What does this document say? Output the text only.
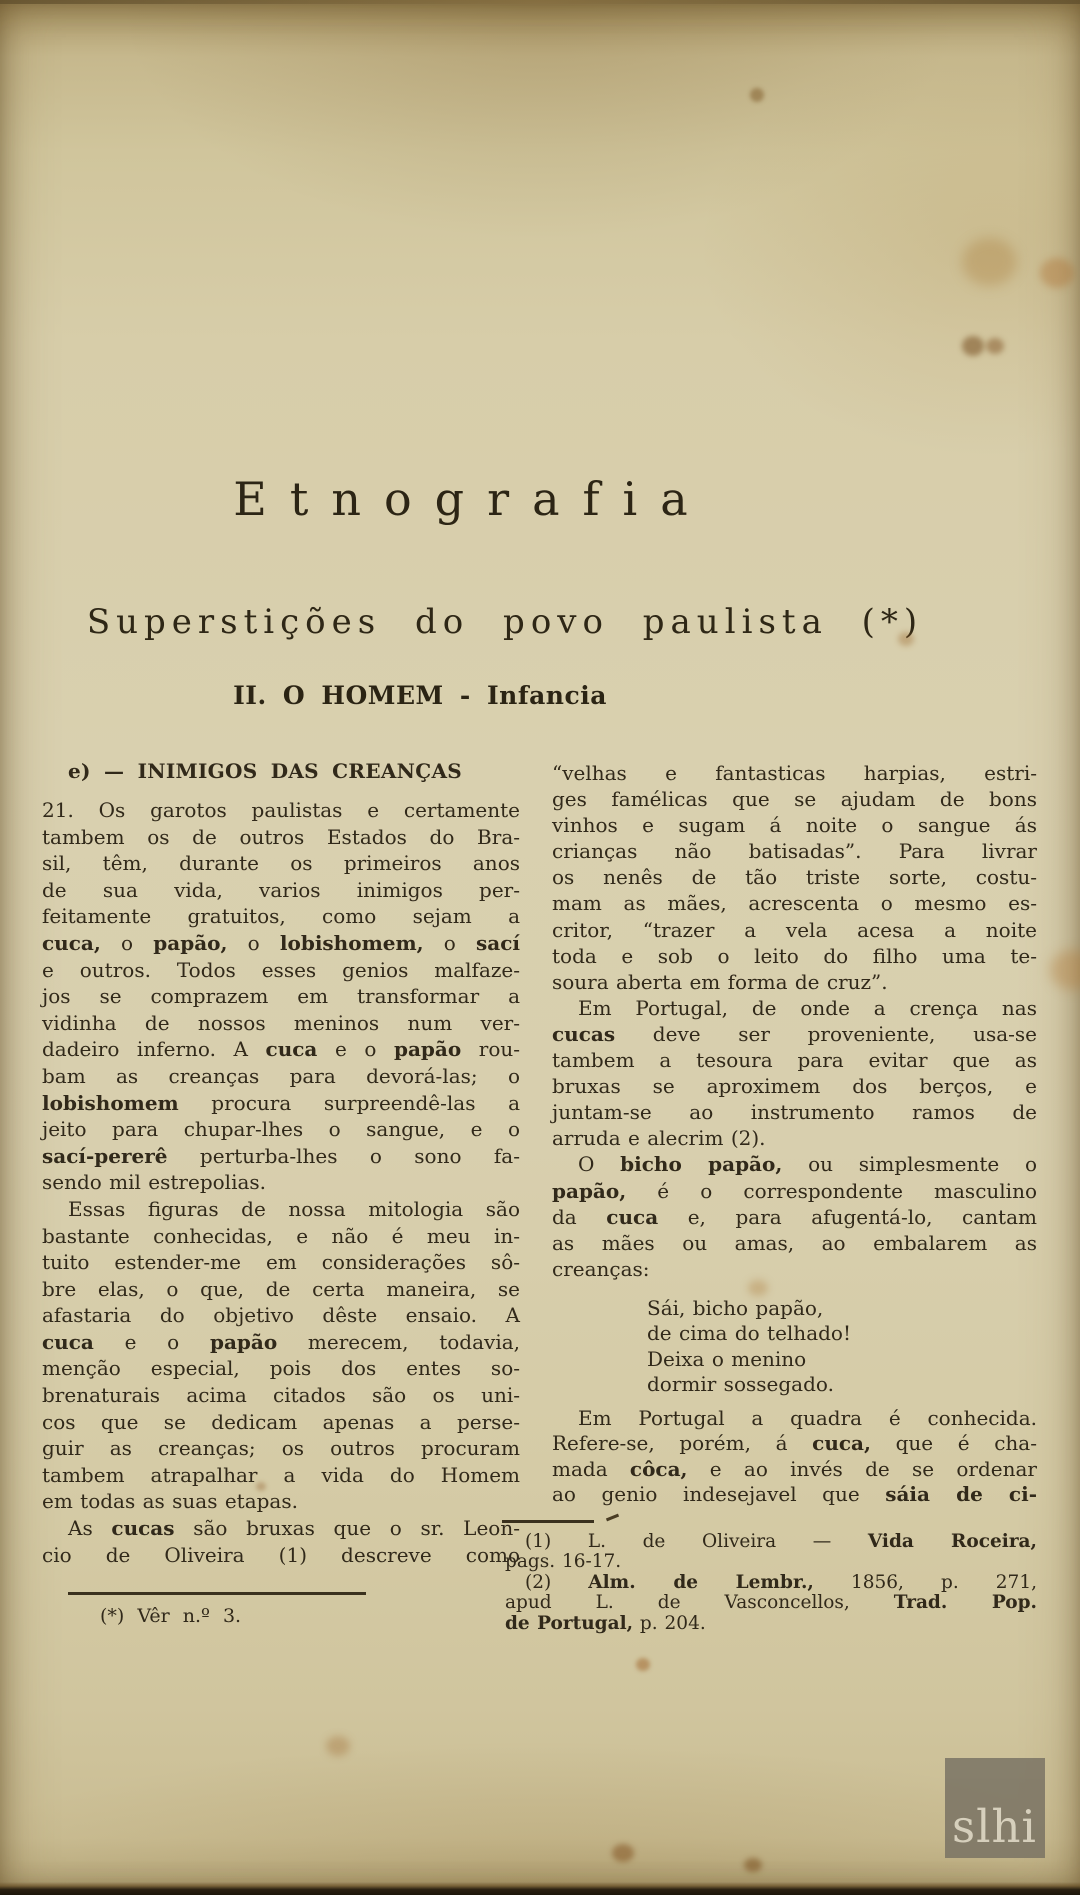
Etnografia
Superstições do povo paulista (*)
II. O HOMEM - Infancia
e) — INIMIGOS DAS CREANÇAS
21. Os garotos paulistas e certamente
tambem os de outros Estados do Bra-
sil, têm, durante os primeiros anos
de sua vida, varios inimigos per-
feitamente gratuitos, como sejam a
cuca, o papão, o lobishomem, o sací
e outros. Todos esses genios malfaze-
jos se comprazem em transformar a
vidinha de nossos meninos num ver-
dadeiro inferno. A cuca e o papão rou-
bam as creanças para devorá-las; o
lobishomem procura surpreendê-las a
jeito para chupar-lhes o sangue, e o
sací-pererê perturba-lhes o sono fa-
sendo mil estrepolias.
Essas figuras de nossa mitologia são
bastante conhecidas, e não é meu in-
tuito estender-me em considerações sô-
bre elas, o que, de certa maneira, se
afastaria do objetivo dêste ensaio. A
cuca e o papão merecem, todavia,
menção especial, pois dos entes so-
brenaturais acima citados são os uni-
cos que se dedicam apenas a perse-
guir as creanças; os outros procuram
tambem atrapalhar a vida do Homem
em todas as suas etapas.
As cucas são bruxas que o sr. Leon-
cio de Oliveira (1) descreve como
(*) Vêr n.º 3.
“velhas e fantasticas harpias, estri-
ges famélicas que se ajudam de bons
vinhos e sugam á noite o sangue ás
crianças não batisadas”. Para livrar
os nenês de tão triste sorte, costu-
mam as mães, acrescenta o mesmo es-
critor, “trazer a vela acesa a noite
toda e sob o leito do filho uma te-
soura aberta em forma de cruz”.
Em Portugal, de onde a crença nas
cucas deve ser proveniente, usa-se
tambem a tesoura para evitar que as
bruxas se aproximem dos berços, e
juntam-se ao instrumento ramos de
arruda e alecrim (2).
O bicho papão, ou simplesmente o
papão, é o correspondente masculino
da cuca e, para afugentá-lo, cantam
as mães ou amas, ao embalarem as
creanças:
Sái, bicho papão,
de cima do telhado!
Deixa o menino
dormir sossegado.
Em Portugal a quadra é conhecida.
Refere-se, porém, á cuca, que é cha-
mada côca, e ao invés de se ordenar
ao genio indesejavel que sáia de ci-
(1) L. de Oliveira — Vida Roceira,
pags. 16-17.
(2) Alm. de Lembr., 1856, p. 271,
apud L. de Vasconcellos, Trad. Pop.
de Portugal, p. 204.
slhi
